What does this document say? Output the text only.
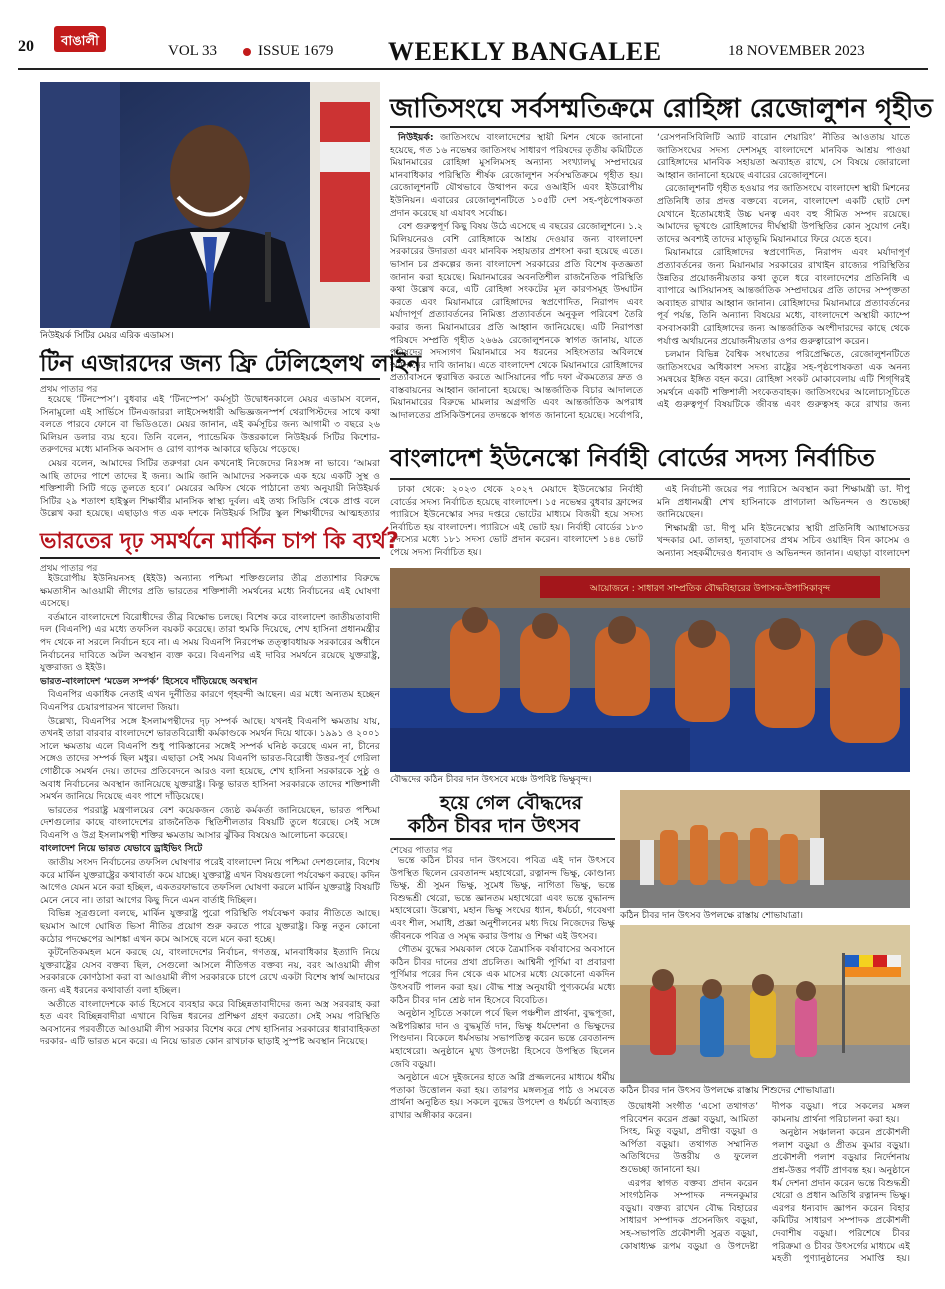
20 বাঙালী
VOL 33	ISSUE 1679 WEEKLY BANGALEE	18 NOVEMBER 2023
নিউইয়র্ক সিটির মেয়র এরিক এডামস।
জাতিসংঘে সর্বসম্মতিক্রমে রোহিঙ্গা রেজোলুশন গৃহীত

নিউইয়র্ক: জাতিসংঘে বাংলাদেশের স্থায়ী মিশন থেকে জানানো হয়েছে, গত ১৬ নভেম্বর জাতিসংঘ সাধারণ পরিষদের তৃতীয় কমিটিতে মিয়ানমারের রোহিঙ্গা মুসলিমসহ অন্যান্য সংখ্যালঘু সম্প্রদায়ের মানবাধিকার পরিস্থিতি শীর্ষক রেজোলুশন সর্বসম্মতিক্রমে গৃহীত হয়। রেজোলুশনটি যৌথভাবে উত্থাপন করে ওআইসি এবং ইউরোপীয় ইউনিয়ন। এবারের রেজোলুশনটিতে ১০৫টি দেশ সহ-পৃষ্ঠপোষকতা প্রদান করেছে যা এযাবৎ সর্বোচ্চ।

বেশ গুরুত্বপূর্ণ কিছু বিষয় উঠে এসেছে এ বছরের রেজোলুশনে। ১.২ মিলিয়নেরও বেশি রোহিঙ্গাকে আশ্রয় দেওয়ার জন্য বাংলাদেশ সরকারের উদারতা এবং মানবিক সহায়তার প্রশংসা করা হয়েছে এতে। ভাসান চর প্রকল্পের জন্য বাংলাদেশ সরকারের প্রতি বিশেষ কৃতজ্ঞতা জানান করা হয়েছে। মিয়ানমারের অবনতিশীল রাজনৈতিক পরিস্থিতি কথা উল্লেখ করে, এটি রোহিঙ্গা সংকটের মূল কারণসমূহ উদ্ঘাটন করতে এবং মিয়ানমারে রোহিঙ্গাদের স্বপ্রণোদিত, নিরাপদ এবং মর্যাদাপূর্ণ প্রত্যাবর্তনের নিমিত্ত্য প্রত্যাবর্তনে অনুকূল পরিবেশ তৈরি করার জন্য মিয়ানমারের প্রতি আহ্বান জানিয়েছে। এটি নিরাপত্তা পরিষদে সম্প্রতি গৃহীত ২৬৬৯ রেজোলুশনকে স্বাগত জানায়, যাতে পরিষদের সদস্যগণ মিয়ানমারে সব ধরনের সহিংসতার অবিলম্বে অবসানের দাবি জানায়। এতে বাংলাদেশ থেকে মিয়ানমারে রোহিঙ্গাদের প্রত্যাবাসনে ত্বরান্বিত করতে আসিয়ানের পাঁচ দফা ঐকমত্যের দ্রুত ও বাস্তবায়নের আহ্বান জানানো হয়েছে। আন্তর্জাতিক বিচার আদালতে মিয়ানমারের বিরুদ্ধে মামলার অগ্রগতি এবং আন্তর্জাতিক অপরাধ আদালতের প্রসিকিউশনের তদন্তকে স্বাগত জানানো হয়েছে। সর্বোপরি, ‘রেসপনসিবিলিটি অ্যাট বারোন শেয়ারিং’ নীতির আওতায় যাতে জাতিসংঘের সদস্য দেশসমূহ বাংলাদেশে মানবিক আশ্রয় পাওয়া রোহিঙ্গাদের মানবিক সহায়তা অব্যাহত রাখে, সে বিষয়ে জোরালো আহ্বান জানানো হয়েছে এবারের রেজোলুশনে।

রেজোলুশনটি গৃহীত হওয়ার পর জাতিসংঘে বাংলাদেশ স্থায়ী মিশনের প্রতিনিধি তার প্রদত্ত বক্তব্যে বলেন, বাংলাদেশ একটি ছোট দেশ যেখানে ইতোমধ্যেই উচ্চ ঘনত্ব এবং বহু সীমিত সম্পদ রয়েছে। আমাদের ভূখণ্ডে রোহিঙ্গাদের দীর্ঘস্থায়ী উপস্থিতির কোন সুযোগ নেই। তাদের অবশ্যই তাদের মাতৃভূমি মিয়ানমারে ফিরে যেতে হবে।

মিয়ানমারে রোহিঙ্গাদের স্বপ্রণোদিত, নিরাপদ এবং মর্যাদাপূর্ণ প্রত্যাবর্তনের জন্য মিয়ানমার সরকারের রাখাইন রাজ্যের পরিস্থিতির উন্নতির প্রয়োজনীয়তার কথা তুলে ধরে বাংলাদেশের প্রতিনিধি এ ব্যাপারে আসিয়ানসহ আন্তর্জাতিক সম্প্রদায়ের প্রতি তাদের সম্পৃক্ততা অব্যাহত রাখার আহ্বান জানান। রোহিঙ্গাদের মিয়ানমারে প্রত্যাবর্তনের পূর্ব পর্যন্ত, তিনি অন্যান্য বিষয়ের মধ্যে, বাংলাদেশে অস্থায়ী ক্যাম্পে বসবাসকারী রোহিঙ্গাদের জন্য আন্তর্জাতিক অংশীদারদের কাছে থেকে পর্যাপ্ত অর্থায়নের প্রয়োজনীয়তার ওপর গুরুত্বারোপ করেন।

চলমান বিভিন্ন বৈশ্বিক সংঘাতের পরিপ্রেক্ষিতে, রেজোলুশনটিতে জাতিসংঘের অধিকাংশ সদস্য রাষ্ট্রের সহ-পৃষ্ঠপোষকতা এক অনন্য সমন্বয়ের ইঙ্গিত বহন করে। রোহিঙ্গা সংকট মোকাবেলায় এটি শিগ্‌গিরই সমর্থনে একটি শক্তিশালী সংকেতবাহক। জাতিসংঘের আলোচ্যসূচিতে এই গুরুত্বপূর্ণ বিষয়টিকে জীবন্ত এবং গুরুত্বসহ করে রাখার জন্য

টিন এজারদের জন্য ফ্রি টেলিহেলথ লাইন
প্রথম পাতার পর

হয়েছে ‘টিনস্পেস’। বুধবার এই ‘টিনস্পেস’ কর্মসূচী উদ্বোধনকালে মেয়র এডামস বলেন, সিনামুলো এই সার্ভিসে টিনএজাররা লাইসেন্সধারী অভিজ্ঞজনস্পর্শ থেরাপিস্টদের সাথে কথা বলতে পারবে ফোনে বা ভিডিওতে। মেয়র জানান, এই কর্মসূচির জন্য আগামী ৩ বছরে ২৬ মিলিয়ন ডলার ব্যয় হবে। তিনি বলেন, প্যান্ডেমিক উত্তরকালে নিউইয়র্ক সিটির কিশোর-তরুণদের মধ্যে মানসিক অবসাদ ও রোগ ব্যাপক আকারে ছড়িয়ে পড়েছে।

মেয়র বলেন, আমাদের সিটির তরুণরা যেন কখনোই নিজেদের নিঃসঙ্গ না ভাবে। ‘আমরা আছি তাদের পাশে তাদের ই জন্য। আমি জানি আমাদের সকলকে এক হয়ে একটি সুস্থ ও শক্তিশালী সিটি গড়ে তুলতে হবে।’ মেয়রের অফিস থেকে পাঠানো তথ্য অনুযায়ী নিউইয়র্ক সিটির ২৯ শতাংশ হাইস্কুল শিক্ষার্থীর মানসিক স্বাস্থ্য দুর্বল। এই তথ্য সিডিসি থেকে প্রাপ্ত বলে উল্লেখ করা হয়েছে। এছাড়াও গত এক দশকে নিউইয়র্ক সিটির স্কুল শিক্ষার্থীদের আত্মহত্যার

বাংলাদেশ ইউনেস্কো নির্বাহী বোর্ডের সদস্য নির্বাচিত

ঢাকা থেকে: ২০২৩ থেকে ২০২৭ মেয়াদে ইউনেস্কোর নির্বাহী বোর্ডের সদস্য নির্বাচিত হয়েছে বাংলাদেশ। ১৫ নভেম্বর বুধবার ফ্রান্সের প্যারিসে ইউনেস্কোর সদর দপ্তরে ভোটের মাধ্যমে বিজয়ী হয়ে সদস্য নির্বাচিত হয় বাংলাদেশ। প্যারিসে এই ভোট হয়। নির্বাহী বোর্ডের ১৮৩ সদস্যের মধ্যে ১৮১ সদস্য ভোট প্রদান করেন। বাংলাদেশ ১৪৪ ভোট পেয়ে সদস্য নির্বাচিত হয়।

এই নির্বাচনী জয়ের পর প্যারিসে অবস্থান করা শিক্ষামন্ত্রী ডা. দীপু মনি প্রধানমন্ত্রী শেখ হাসিনাকে প্রাণঢালা অভিনন্দন ও শুভেচ্ছা জানিয়েছেন।

শিক্ষামন্ত্রী ডা. দীপু মনি ইউনেস্কোর স্থায়ী প্রতিনিধি অ্যাম্বাসেডর খন্দকার মো. তালহা, দূতাবাসের প্রথম সচিব ওয়াহিদ বিন কাসেম ও অন্যান্য সহকর্মীদেরও ধন্যবাদ ও অভিনন্দন জানান। এছাড়া বাংলাদেশ

ভারতের দৃঢ় সমর্থনে মার্কিন চাপ কি ব্যর্থ?
প্রথম পাতার পর

ইউরোপীয় ইউনিয়নসহ (ইইউ) অন্যান্য পশ্চিমা শক্তিগুলোর তীব্র প্রত্যাশার বিরুদ্ধে ক্ষমতাসীন আওয়ামী লীগের প্রতি ভারতের শক্তিশালী সমর্থনের মধ্যে নির্বাচনের এই ঘোষণা এসেছে।

বর্তমানে বাংলাদেশে বিরোধীদের তীব্র বিক্ষোভ চলছে। বিশেষ করে বাংলাদেশ জাতীয়তাবাদী দল (বিএনপি) এর মধ্যে তফসিল বয়কট করেছে। তারা হুমকি দিয়েছে, শেখ হাসিনা প্রধানমন্ত্রীর পদ থেকে না সরলে নির্বাচন হবে না। এ সময় বিএনপি নিরপেক্ষ তত্ত্বাবধায়ক সরকারের অধীনে নির্বাচনের দাবিতে অটল অবস্থান ব্যক্ত করে। বিএনপির এই দাবির সমর্থনে রয়েছে যুক্তরাষ্ট্র, যুক্তরাজ্য ও ইইউ।

ভারত-বাংলাদেশ ‘মডেল সম্পর্ক’ হিসেবে দাঁড়িয়েছে অবস্থান

বিএনপির একাধিক নেতাই এখন দুর্নীতির কারণে গৃহবন্দী আছেন। এর মধ্যে অন্যতম হচ্ছেন বিএনপির চেয়ারপারসন খালেদা জিয়া।

উল্লেখ্য, বিএনপির সঙ্গে ইসলামপন্থীদের দৃঢ় সম্পর্ক আছে। যখনই বিএনপি ক্ষমতায় যায়, তখনই তারা বারবার বাংলাদেশে ভারতবিরোধী কর্মকাণ্ডকে সমর্থন দিয়ে থাকে। ১৯৯১ ও ২০০১ সালে ক্ষমতায় এলে বিএনপি শুধু পাকিস্তানের সঙ্গেই সম্পর্ক ঘনিষ্ঠ করেছে এমন না, চীনের সঙ্গেও তাদের সম্পর্ক ছিল মধুর। এছাড়া সেই সময় বিএনপি ভারত-বিরোধী উত্তর-পূর্ব গেরিলা গোষ্ঠীকে সমর্থন দেয়। তাদের প্রতিবেদনে আরও বলা হয়েছে, শেখ হাসিনা সরকারকে সুষ্ঠু ও অবাধ নির্বাচনের অবস্থান জানিয়েছে যুক্তরাষ্ট্র। কিন্তু ভারত হাসিনা সরকারকে তাদের শক্তিশালী সমর্থন জানিয়ে দিয়েছে এবং পাশে দাঁড়িয়েছে।

ভারতের পররাষ্ট্র মন্ত্রণালয়ের বেশ কয়েকজন জ্যেষ্ঠ কর্মকর্তা জানিয়েছেন, ভারত পশ্চিমা দেশগুলোর কাছে বাংলাদেশের রাজনৈতিক স্থিতিশীলতার বিষয়টি তুলে ধরেছে। সেই সঙ্গে বিএনপি ও উগ্র ইসলামপন্থী শক্তির ক্ষমতায় আসার ঝুঁকির বিষয়েও আলোচনা করেছে।

বাংলাদেশ নিয়ে ভারত যেভাবে ড্রাইভিং সিটে

জাতীয় সংসদ নির্বাচনের তফসিল ঘোষণার পরেই বাংলাদেশ নিয়ে পশ্চিমা দেশগুলোর, বিশেষ করে মার্কিন যুক্তরাষ্ট্রের কথাবার্তা কমে যাচ্ছে। যুক্তরাষ্ট্র এখন বিষয়গুলো পর্যবেক্ষণ করছে। কদিন আগেও যেমন মনে করা হচ্ছিল, একতরফাভাবে তফসিল ঘোষণা করলে মার্কিন যুক্তরাষ্ট্র বিষয়টি মেনে নেবে না। তারা আগের কিছু দিনে এমন বার্তাই দিচ্ছিল।

বিভিন্ন সূত্রগুলো বলছে, মার্কিন যুক্তরাষ্ট্র পুরো পরিস্থিতি পর্যবেক্ষণ করার নীতিতে আছে। ছয়মাস আগে ঘোষিত ভিসা নীতির প্রয়োগ শুরু করতে পারে যুক্তরাষ্ট্র। কিন্তু নতুন কোনো কঠোর পদক্ষেপের আশঙ্কা এখন কমে আসছে বলে মনে করা হচ্ছে।

কূটনৈতিকমহল মনে করছে যে, বাংলাদেশের নির্বাচন, গণতন্ত্র, মানবাধিকার ইত্যাদি নিয়ে যুক্তরাষ্ট্রের যেসব বক্তব্য ছিল, সেগুলো আসলে নীতিগত বক্তব্য নয়, বরং আওয়ামী লীগ সরকারকে কোণঠাসা করা বা আওয়ামী লীগ সরকারকে চাপে রেখে একটা বিশেষ স্বার্থ আদায়ের জন্য এই ধরনের কথাবার্তা বলা হচ্ছিল।

অতীতে বাংলাদেশকে কার্ড হিসেবে ব্যবহার করে বিচ্ছিন্নতাবাদীদের জন্য অস্ত্র সরবরাহ করা হত এবং বিচ্ছিন্নবাদীরা এখানে বিভিন্ন ধরনের প্রশিক্ষণ গ্রহণ করতো। সেই সময় পরিস্থিতি অবসানের পরবর্তীতে আওয়ামী লীগ সরকার বিশেষ করে শেখ হাসিনার সরকারের ধারাবাহিকতা দরকার- এটি ভারত মনে করে। এ নিয়ে ভারত কোন রাখঢাক ছাড়াই সুস্পষ্ট অবস্থান নিয়েছে।

আয়োজনে : সাধারণ সাম্প্রতিক বৌদ্ধবিহারের উপাসক-উপাসিকাবৃন্দ
বৌদ্ধদের কঠিন চীবর দান উৎসবে মঞ্চে উপবিষ্ট ভিক্ষুবৃন্দ।
হয়ে গেল বৌদ্ধদের
কঠিন চীবর দান উৎসব
শেষের পাতার পর

ভন্তে কঠিন চীবর দান উৎসবে। পবিত্র এই দান উৎসবে উপস্থিত ছিলেন রেবতানন্দ মহাথেরো, রত্নানন্দ ভিক্ষু, কোণ্ডান্য ভিক্ষু, শ্রী সুমন ভিক্ষু, সুমেধ ভিক্ষু, নাগিতা ভিক্ষু, ভন্তে বিশুদ্ধশ্রী থেরো, ভন্তে জ্ঞানতম মহাথেরো এবং ভন্তে বুদ্ধানন্দ মহাথেরো। উল্লেখ্য, মহান ভিক্ষু সংঘের ধ্যান, ধর্মচর্চা, গবেষণা এবং শীল, সমাধি, প্রজ্ঞা অনুশীলনের মধ্য দিয়ে নিজেদের ভিক্ষু জীবনকে পবিত্র ও সমৃদ্ধ করার উপায় ও শিক্ষা এই উৎসব।

গৌতম বুদ্ধের সময়কাল থেকে ত্রৈমাসিক বর্ষাবাসের অবসানে কঠিন চীবর দানের প্রথা প্রচলিত। আশ্বিনী পূর্ণিমা বা প্রবারণা পূর্ণিমার পরের দিন থেকে এক মাসের মধ্যে যেকোনো একদিন উৎসবটি পালন করা হয়। বৌদ্ধ শাস্ত্র অনুযায়ী পুণ্যকর্মের মধ্যে কঠিন চীবর দান শ্রেষ্ঠ দান হিসেবে বিবেচিত।

অনুষ্ঠান সূচিতে সকালে পর্বে ছিল পঞ্চশীল প্রার্থনা, বুদ্ধপূজা, অষ্টপরিষ্কার দান ও বুদ্ধমূর্তি দান, ভিক্ষু ধর্মদেশনা ও ভিক্ষুদের পিণ্ডদান। বিকেলে ধর্মসভায় সভাপতিত্ব করেন ভন্তে রেবতানন্দ মহাথেরো। অনুষ্ঠানে মুখ্য উপদেষ্টা হিসেবে উপস্থিত ছিলেন জেবি বড়ুয়া।

অনুষ্ঠানে এসে দুইজনের হাতে অগ্নি প্রজ্জলনের মাধ্যমে ধর্মীয় পতাকা উত্তোলন করা হয়। তারপর মঙ্গলসূত্র পাঠ ও সমবেত প্রার্থনা অনুষ্ঠিত হয়। সকলে বুদ্ধের উপদেশ ও ধর্মচর্চা অব্যাহত রাখার অঙ্গীকার করেন।

কঠিন চীবর দান উৎসব উপলক্ষে রাস্তায় শোভাযাত্রা।
কঠিন চীবর দান উৎসব উপলক্ষে রাস্তায় শিশুদের শোভাযাত্রা।

উদ্বোধনী সংগীত ‘এসো তথাগত’ পরিবেশন করেন প্রজ্ঞা বড়ুয়া, আমিতা সিংহ, মিতু বড়ুয়া, প্রদীপ্তা বড়ুয়া ও অর্পিতা বড়ুয়া। তথাগত সম্মানিত অতিথিদের উত্তরীয় ও ফুলেল শুভেচ্ছা জানানো হয়।

এরপর স্বাগত বক্তব্য প্রদান করেন সাংগঠনিক সম্পাদক নন্দনকুমার বড়ুয়া। বক্তব্য রাখেন বৌদ্ধ বিহারের সাধারণ সম্পাদক প্রসেনজিৎ বড়ুয়া, সহ-সভাপতি প্রকৌশলী সুব্রত বড়ুয়া, কোষাধ্যক্ষ রূপম বড়ুয়া ও উপদেষ্টা দীপক বড়ুয়া। পরে সকলের মঙ্গল কামনায় প্রার্থনা পরিচালনা করা হয়।

অনুষ্ঠান সঞ্চালনা করেন প্রকৌশলী পলাশ বড়ুয়া ও প্রীতম কুমার বড়ুয়া। প্রকৌশলী পলাশ বড়ুয়ার নির্দেশনায় প্রশ্ন-উত্তর পর্বটি প্রাণবন্ত হয়। অনুষ্ঠানে ধর্ম দেশনা প্রদান করেন ভন্তে বিশুদ্ধশ্রী থেরো ও প্রধান অতিথি রত্নানন্দ ভিক্ষু। এরপর ধন্যবাদ জ্ঞাপন করেন বিহার কমিটির সাধারণ সম্পাদক প্রকৌশলী দেবাশীষ বড়ুয়া। পরিশেষে চীবর পরিক্রমা ও চীবর উৎসর্গের মাধ্যমে এই মহতী পুণ্যানুষ্ঠানের সমাপ্তি হয়।
